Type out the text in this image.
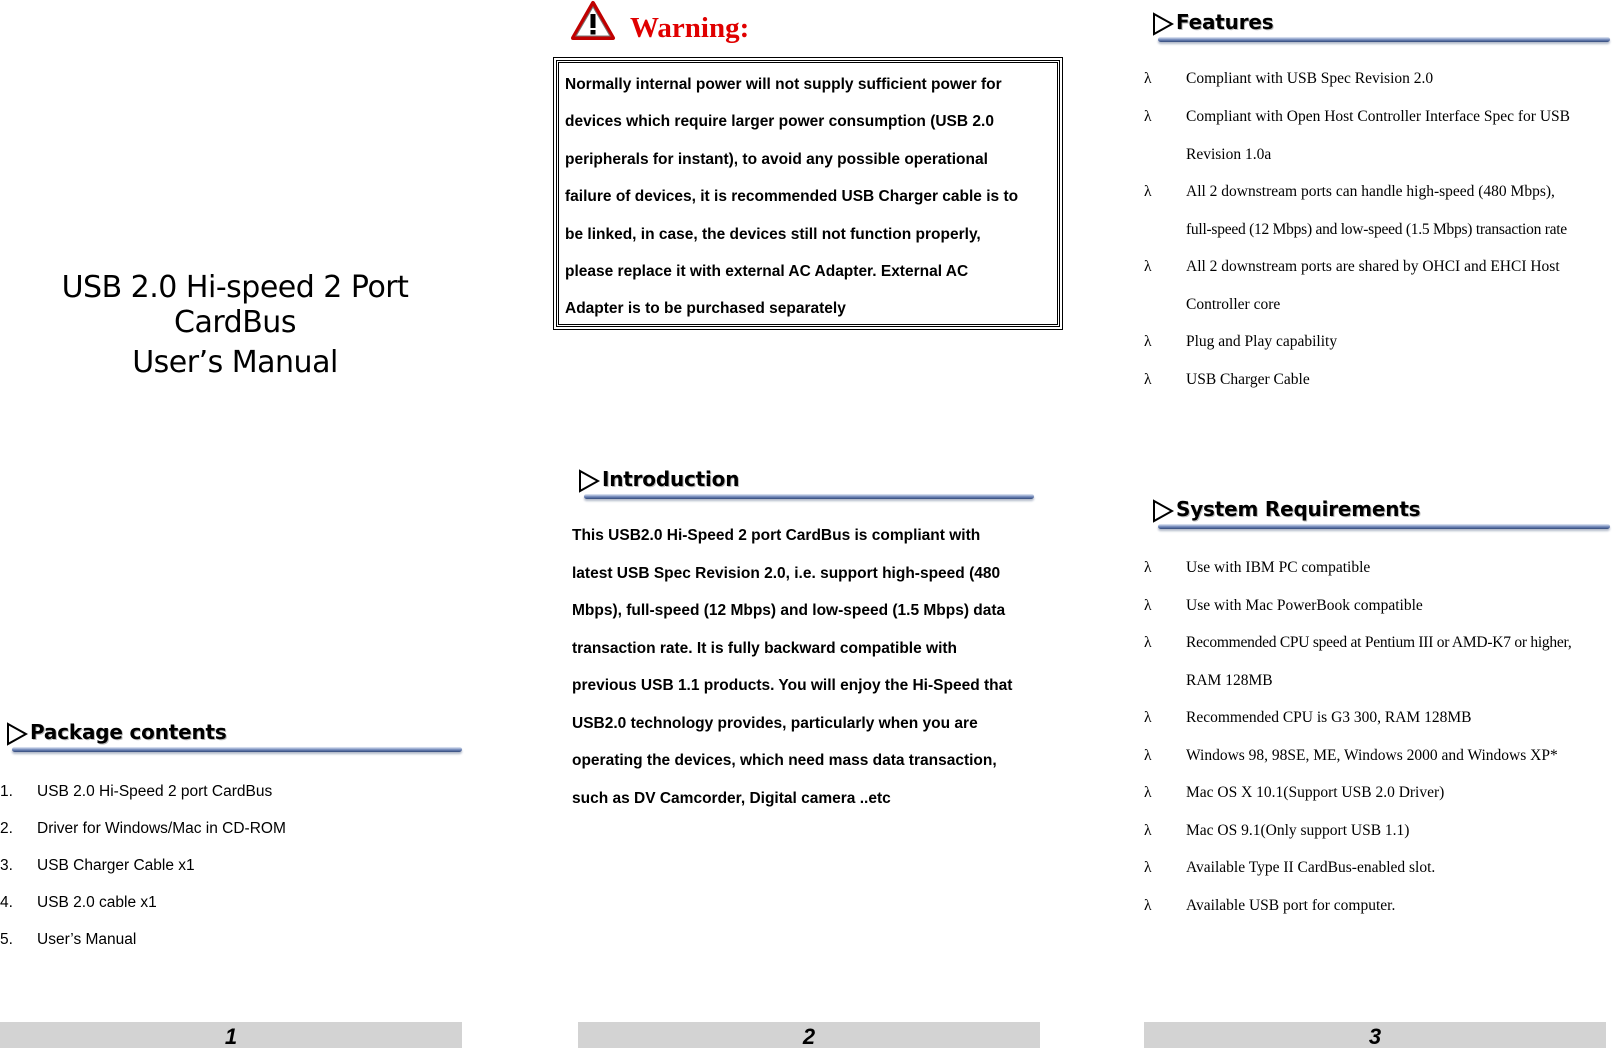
USB 2.0 Hi-speed 2 Port CardBus
User’s Manual
Package contents
1. USB 2.0 Hi-Speed 2 port CardBus
2. Driver for Windows/Mac in CD-ROM
3. USB Charger Cable x1
4. USB 2.0 cable x1
5. User’s Manual
1
Warning:
Normally internal power will not supply sufficient power for
devices which require larger power consumption (USB 2.0
peripherals for instant), to avoid any possible operational
failure of devices, it is recommended USB Charger cable is to
be linked, in case, the devices still not function properly,
please replace it with external AC Adapter. External AC
Adapter is to be purchased separately
Introduction
This USB2.0 Hi-Speed 2 port CardBus is compliant with
latest USB Spec Revision 2.0, i.e. support high-speed (480
Mbps), full-speed (12 Mbps) and low-speed (1.5 Mbps) data
transaction rate. It is fully backward compatible with
previous USB 1.1 products. You will enjoy the Hi-Speed that
USB2.0 technology provides, particularly when you are
operating the devices, which need mass data transaction,
such as DV Camcorder, Digital camera ..etc
2
Features
λ Compliant with USB Spec Revision 2.0
λ Compliant with Open Host Controller Interface Spec for USB
Revision 1.0a
λ All 2 downstream ports can handle high-speed (480 Mbps),
full-speed (12 Mbps) and low-speed (1.5 Mbps) transaction rate
λ All 2 downstream ports are shared by OHCI and EHCI Host
Controller core
λ Plug and Play capability
λ USB Charger Cable
System Requirements
λ Use with IBM PC compatible
λ Use with Mac PowerBook compatible
λ Recommended CPU speed at Pentium III or AMD-K7 or higher,
RAM 128MB
λ Recommended CPU is G3 300, RAM 128MB
λ Windows 98, 98SE, ME, Windows 2000 and Windows XP*
λ Mac OS X 10.1(Support USB 2.0 Driver)
λ Mac OS 9.1(Only support USB 1.1)
λ Available Type II CardBus-enabled slot.
λ Available USB port for computer.
3
